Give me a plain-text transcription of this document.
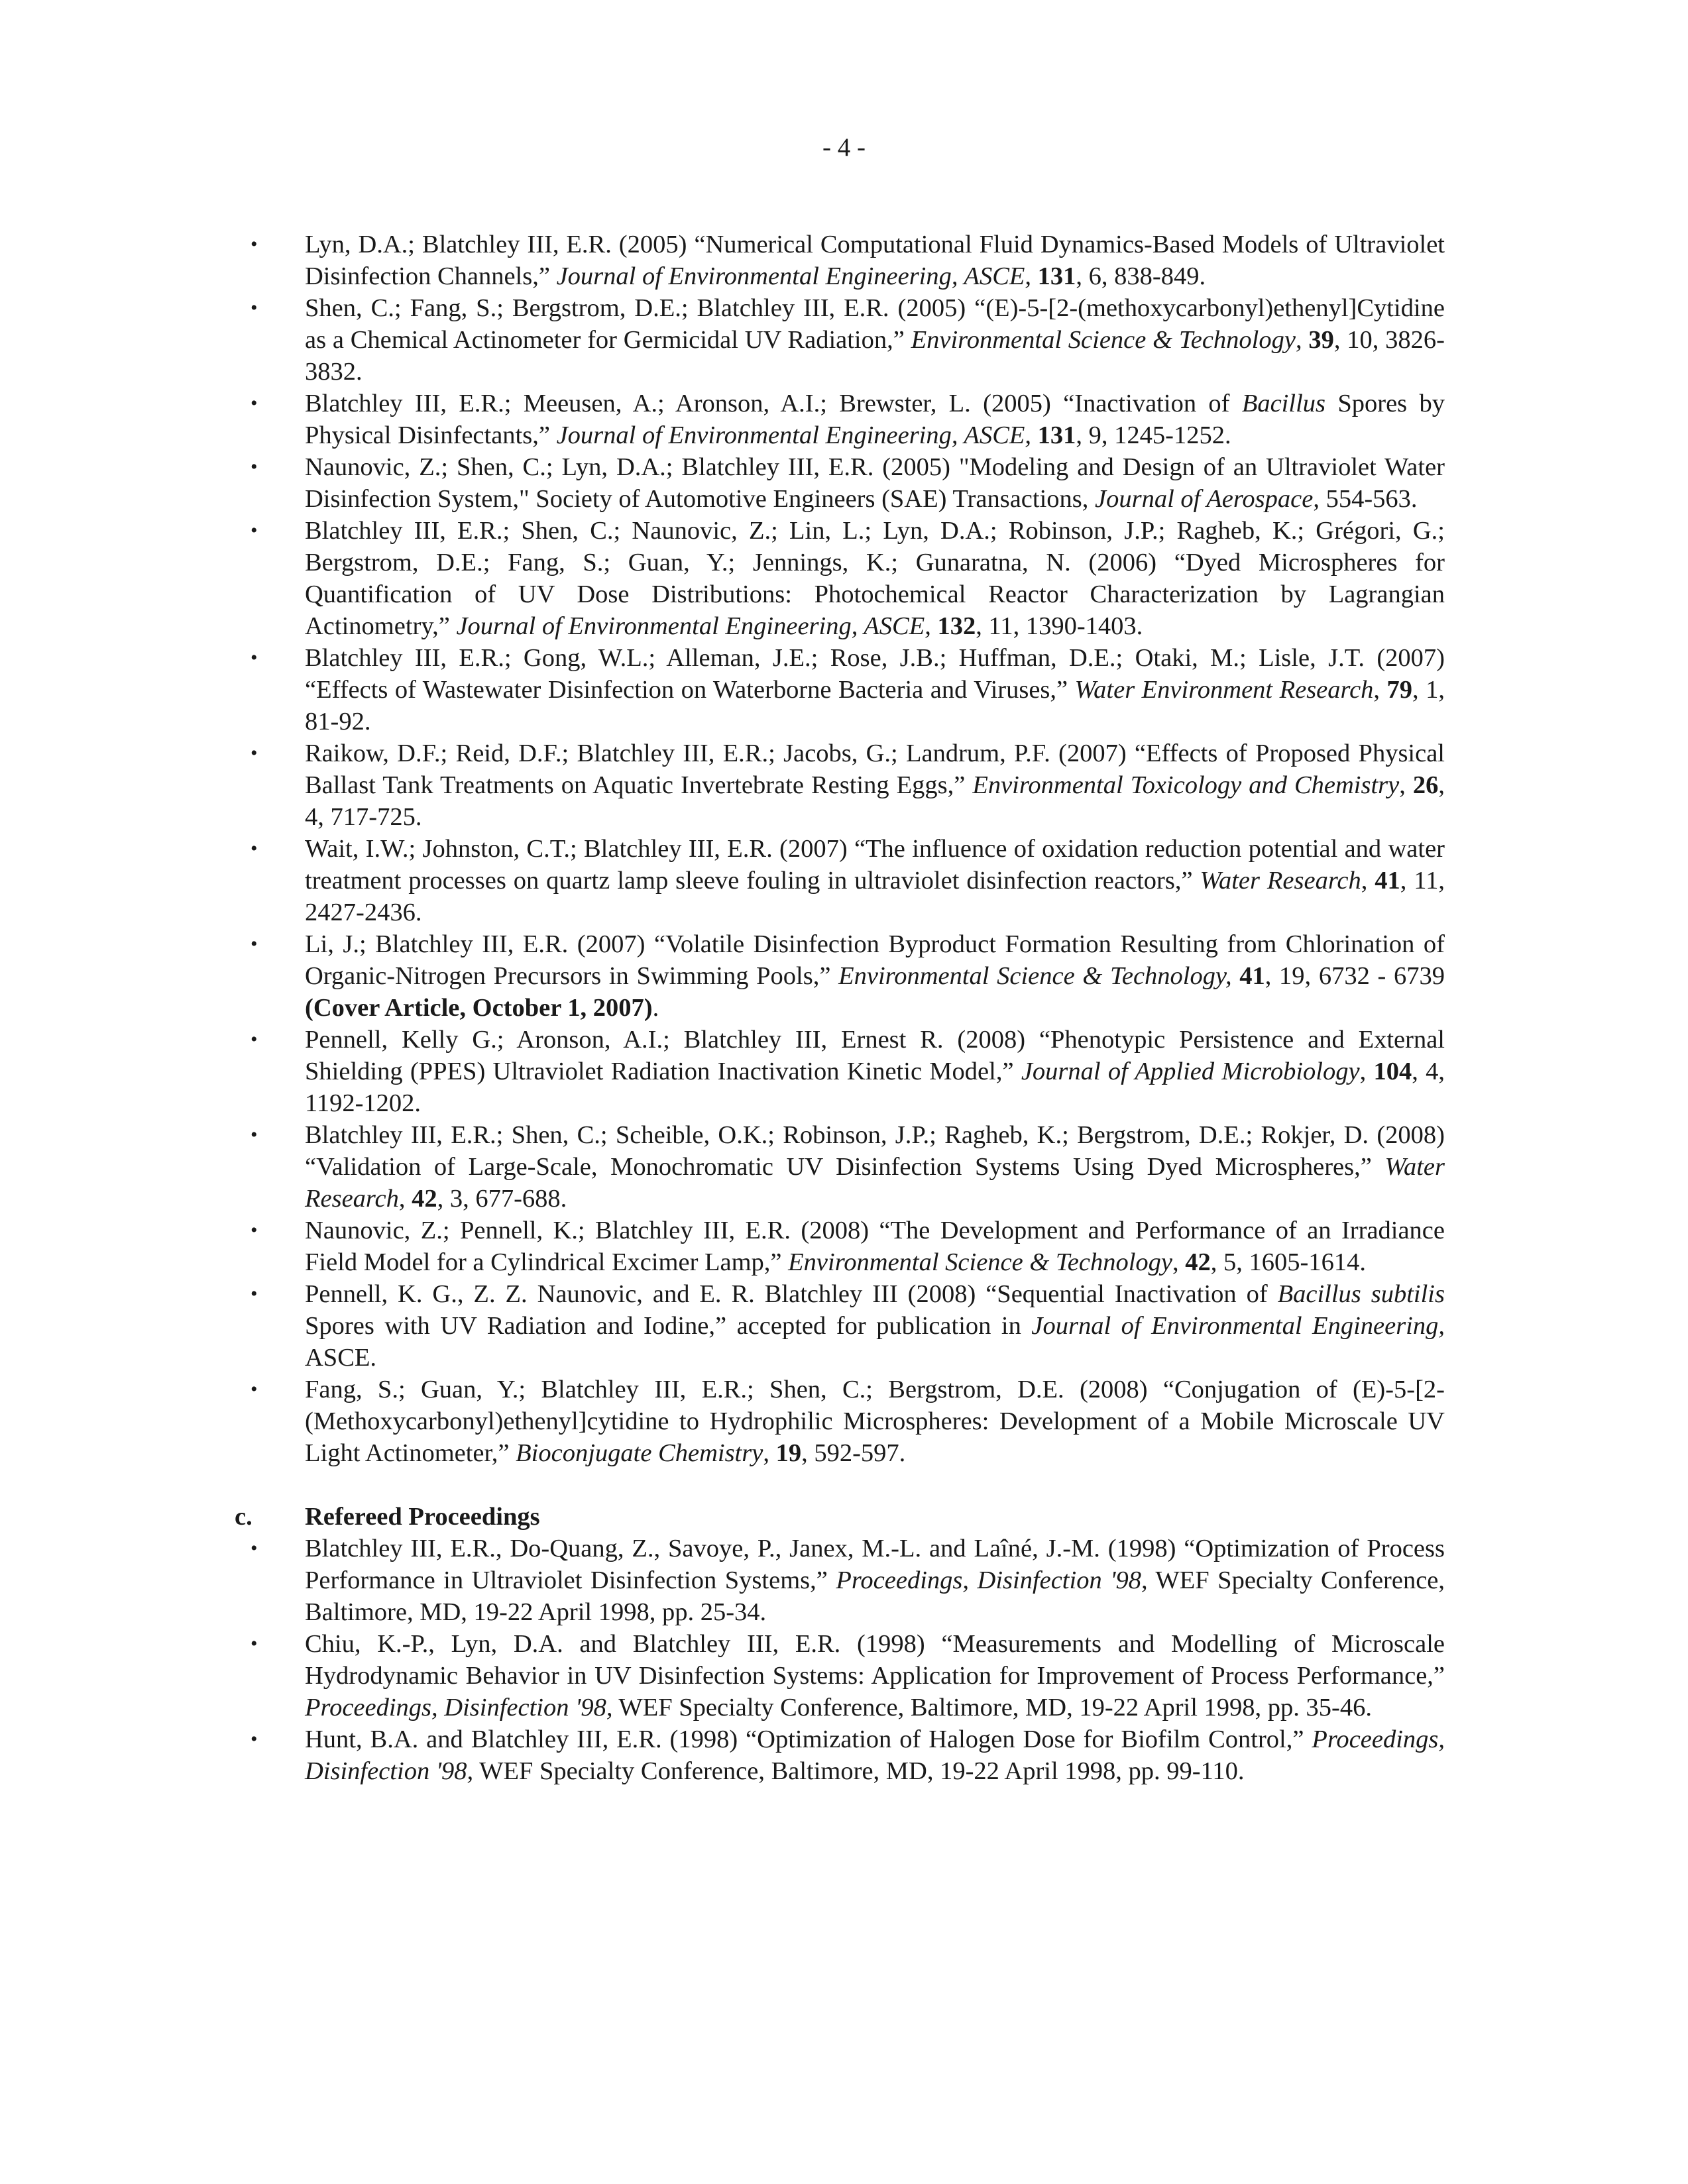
- 4 -
• Lyn, D.A.; Blatchley III, E.R. (2005) “Numerical Computational Fluid Dynamics-Based Models of Ultraviolet Disinfection Channels,” Journal of Environmental Engineering, ASCE, 131, 6, 838-849.
• Shen, C.; Fang, S.; Bergstrom, D.E.; Blatchley III, E.R. (2005) “(E)-5-[2-(methoxycarbonyl)ethenyl]Cytidine as a Chemical Actinometer for Germicidal UV Radiation,” Environmental Science & Technology, 39, 10, 3826-3832.
• Blatchley III, E.R.; Meeusen, A.; Aronson, A.I.; Brewster, L. (2005) “Inactivation of Bacillus Spores by Physical Disinfectants,” Journal of Environmental Engineering, ASCE, 131, 9, 1245-1252.
• Naunovic, Z.; Shen, C.; Lyn, D.A.; Blatchley III, E.R. (2005) "Modeling and Design of an Ultraviolet Water Disinfection System," Society of Automotive Engineers (SAE) Transactions, Journal of Aerospace, 554-563.
• Blatchley III, E.R.; Shen, C.; Naunovic, Z.; Lin, L.; Lyn, D.A.; Robinson, J.P.; Ragheb, K.; Grégori, G.; Bergstrom, D.E.; Fang, S.; Guan, Y.; Jennings, K.; Gunaratna, N. (2006) “Dyed Microspheres for Quantification of UV Dose Distributions: Photochemical Reactor Characterization by Lagrangian Actinometry,” Journal of Environmental Engineering, ASCE, 132, 11, 1390-1403.
• Blatchley III, E.R.; Gong, W.L.; Alleman, J.E.; Rose, J.B.; Huffman, D.E.; Otaki, M.; Lisle, J.T. (2007) “Effects of Wastewater Disinfection on Waterborne Bacteria and Viruses,” Water Environment Research, 79, 1, 81-92.
• Raikow, D.F.; Reid, D.F.; Blatchley III, E.R.; Jacobs, G.; Landrum, P.F. (2007) “Effects of Proposed Physical Ballast Tank Treatments on Aquatic Invertebrate Resting Eggs,” Environmental Toxicology and Chemistry, 26, 4, 717-725.
• Wait, I.W.; Johnston, C.T.; Blatchley III, E.R. (2007) “The influence of oxidation reduction potential and water treatment processes on quartz lamp sleeve fouling in ultraviolet disinfection reactors,” Water Research, 41, 11, 2427-2436.
• Li, J.; Blatchley III, E.R. (2007) “Volatile Disinfection Byproduct Formation Resulting from Chlorination of Organic-Nitrogen Precursors in Swimming Pools,” Environmental Science & Technology, 41, 19, 6732 - 6739 (Cover Article, October 1, 2007).
• Pennell, Kelly G.; Aronson, A.I.; Blatchley III, Ernest R. (2008) “Phenotypic Persistence and External Shielding (PPES) Ultraviolet Radiation Inactivation Kinetic Model,” Journal of Applied Microbiology, 104, 4, 1192-1202.
• Blatchley III, E.R.; Shen, C.; Scheible, O.K.; Robinson, J.P.; Ragheb, K.; Bergstrom, D.E.; Rokjer, D. (2008) “Validation of Large-Scale, Monochromatic UV Disinfection Systems Using Dyed Microspheres,” Water Research, 42, 3, 677-688.
• Naunovic, Z.; Pennell, K.; Blatchley III, E.R. (2008) “The Development and Performance of an Irradiance Field Model for a Cylindrical Excimer Lamp,” Environmental Science & Technology, 42, 5, 1605-1614.
• Pennell, K. G., Z. Z. Naunovic, and E. R. Blatchley III (2008) “Sequential Inactivation of Bacillus subtilis Spores with UV Radiation and Iodine,” accepted for publication in Journal of Environmental Engineering, ASCE.
• Fang, S.; Guan, Y.; Blatchley III, E.R.; Shen, C.; Bergstrom, D.E. (2008) “Conjugation of (E)-5-[2-(Methoxycarbonyl)ethenyl]cytidine to Hydrophilic Microspheres: Development of a Mobile Microscale UV Light Actinometer,” Bioconjugate Chemistry, 19, 592-597.
c. Refereed Proceedings
• Blatchley III, E.R., Do-Quang, Z., Savoye, P., Janex, M.-L. and Laîné, J.-M. (1998) “Optimization of Process Performance in Ultraviolet Disinfection Systems,” Proceedings, Disinfection '98, WEF Specialty Conference, Baltimore, MD, 19-22 April 1998, pp. 25-34.
• Chiu, K.-P., Lyn, D.A. and Blatchley III, E.R. (1998) “Measurements and Modelling of Microscale Hydrodynamic Behavior in UV Disinfection Systems: Application for Improvement of Process Performance,” Proceedings, Disinfection '98, WEF Specialty Conference, Baltimore, MD, 19-22 April 1998, pp. 35-46.
• Hunt, B.A. and Blatchley III, E.R. (1998) “Optimization of Halogen Dose for Biofilm Control,” Proceedings, Disinfection '98, WEF Specialty Conference, Baltimore, MD, 19-22 April 1998, pp. 99-110.
